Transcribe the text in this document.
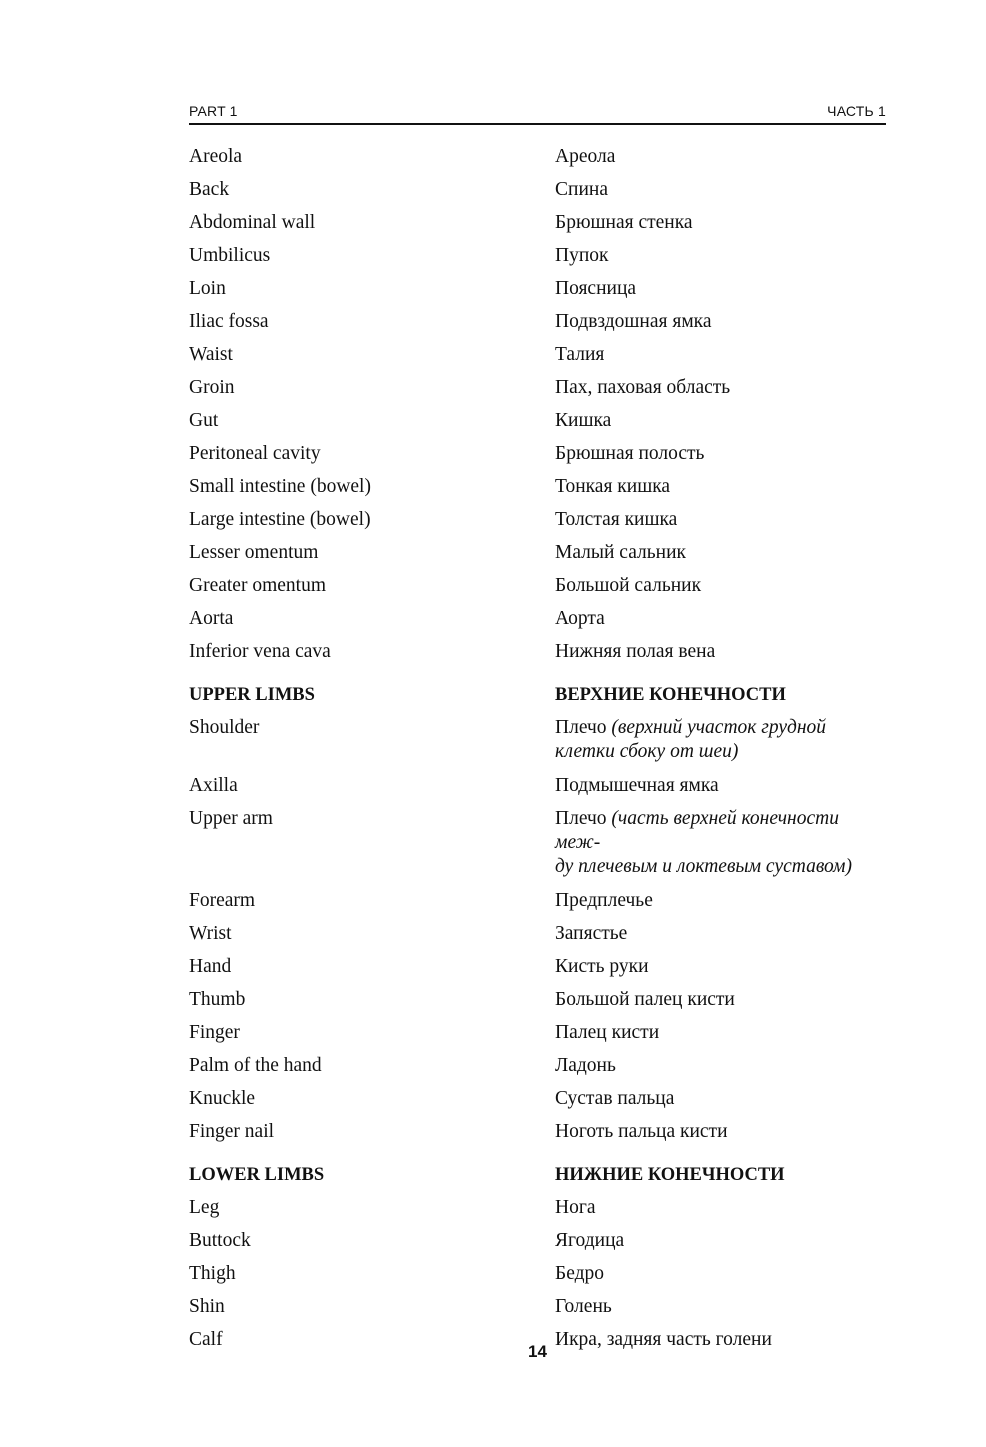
PART 1	ЧАСТЬ 1
Areola	Ареола
Back	Спина
Abdominal wall	Брюшная стенка
Umbilicus	Пупок
Loin	Поясница
Iliac fossa	Подвздошная ямка
Waist	Талия
Groin	Пах, паховая область
Gut	Кишка
Peritoneal cavity	Брюшная полость
Small intestine (bowel)	Тонкая кишка
Large intestine (bowel)	Толстая кишка
Lesser omentum	Малый сальник
Greater omentum	Большой сальник
Aorta	Аорта
Inferior vena cava	Нижняя полая вена
UPPER LIMBS	ВЕРХНИЕ КОНЕЧНОСТИ
Shoulder	Плечо (верхний участок грудной
клетки сбоку от шеи)
Axilla	Подмышечная ямка
Upper arm	Плечо (часть верхней конечности меж-
ду плечевым и локтевым суставом)
Forearm	Предплечье
Wrist	Запястье
Hand	Кисть руки
Thumb	Большой палец кисти
Finger	Палец кисти
Palm of the hand	Ладонь
Knuckle	Сустав пальца
Finger nail	Ноготь пальца кисти
LOWER LIMBS	НИЖНИЕ КОНЕЧНОСТИ
Leg	Нога
Buttock	Ягодица
Thigh	Бедро
Shin	Голень
Calf	Икра, задняя часть голени
14
